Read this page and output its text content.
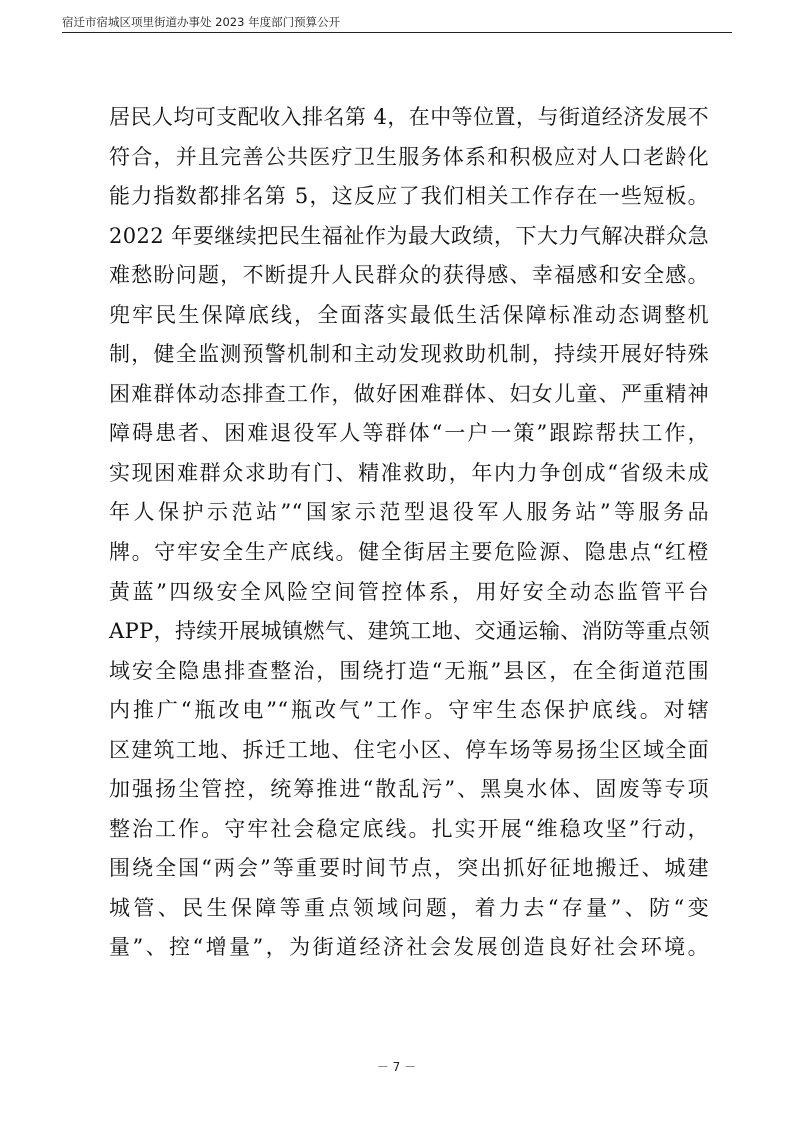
宿迁市宿城区项里街道办事处 2023 年度部门预算公开
居民人均可支配收入排名第 4，在中等位置，与街道经济发展不
符合，并且完善公共医疗卫生服务体系和积极应对人口老龄化
能力指数都排名第 5，这反应了我们相关工作存在一些短板。
2022 年要继续把民生福祉作为最大政绩，下大力气解决群众急
难愁盼问题，不断提升人民群众的获得感、幸福感和安全感。
兜牢民生保障底线，全面落实最低生活保障标准动态调整机
制，健全监测预警机制和主动发现救助机制，持续开展好特殊
困难群体动态排查工作，做好困难群体、妇女儿童、严重精神
障碍患者、困难退役军人等群体“一户一策”跟踪帮扶工作，
实现困难群众求助有门、精准救助，年内力争创成“省级未成
年人保护示范站”“国家示范型退役军人服务站”等服务品
牌。守牢安全生产底线。健全街居主要危险源、隐患点“红橙
黄蓝”四级安全风险空间管控体系，用好安全动态监管平台
APP，持续开展城镇燃气、建筑工地、交通运输、消防等重点领
域安全隐患排查整治，围绕打造“无瓶”县区，在全街道范围
内推广“瓶改电”“瓶改气”工作。守牢生态保护底线。对辖
区建筑工地、拆迁工地、住宅小区、停车场等易扬尘区域全面
加强扬尘管控，统筹推进“散乱污”、黑臭水体、固废等专项
整治工作。守牢社会稳定底线。扎实开展“维稳攻坚”行动，
围绕全国“两会”等重要时间节点，突出抓好征地搬迁、城建
城管、民生保障等重点领域问题，着力去“存量”、防“变
量”、控“增量”，为街道经济社会发展创造良好社会环境。
－ 7 －
